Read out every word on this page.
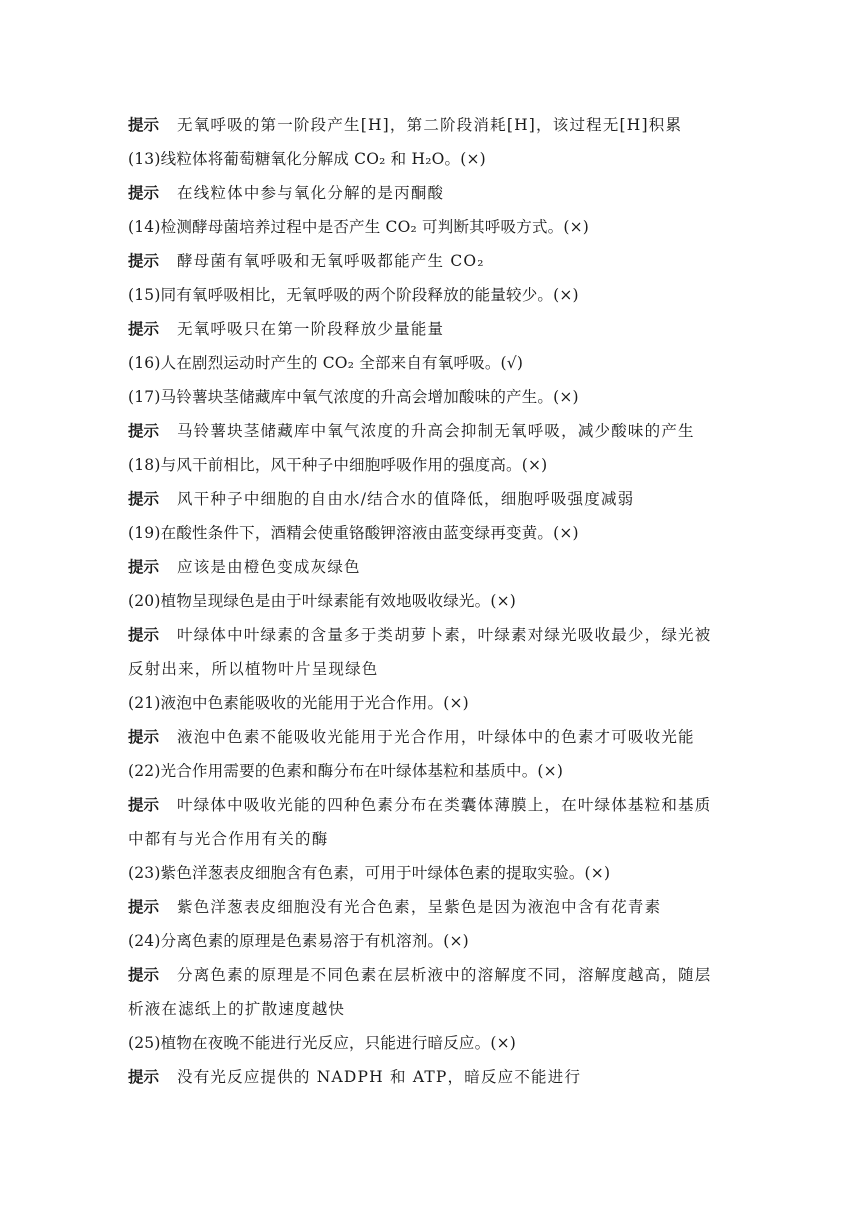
提示 无氧呼吸的第一阶段产生[H]，第二阶段消耗[H]，该过程无[H]积累
(13)线粒体将葡萄糖氧化分解成 CO₂ 和 H₂O。(×)
提示 在线粒体中参与氧化分解的是丙酮酸
(14)检测酵母菌培养过程中是否产生 CO₂ 可判断其呼吸方式。(×)
提示 酵母菌有氧呼吸和无氧呼吸都能产生 CO₂
(15)同有氧呼吸相比，无氧呼吸的两个阶段释放的能量较少。(×)
提示 无氧呼吸只在第一阶段释放少量能量
(16)人在剧烈运动时产生的 CO₂ 全部来自有氧呼吸。(√)
(17)马铃薯块茎储藏库中氧气浓度的升高会增加酸味的产生。(×)
提示 马铃薯块茎储藏库中氧气浓度的升高会抑制无氧呼吸，减少酸味的产生
(18)与风干前相比，风干种子中细胞呼吸作用的强度高。(×)
提示 风干种子中细胞的自由水/结合水的值降低，细胞呼吸强度减弱
(19)在酸性条件下，酒精会使重铬酸钾溶液由蓝变绿再变黄。(×)
提示 应该是由橙色变成灰绿色
(20)植物呈现绿色是由于叶绿素能有效地吸收绿光。(×)
提示 叶绿体中叶绿素的含量多于类胡萝卜素，叶绿素对绿光吸收最少，绿光被
反射出来，所以植物叶片呈现绿色
(21)液泡中色素能吸收的光能用于光合作用。(×)
提示 液泡中色素不能吸收光能用于光合作用，叶绿体中的色素才可吸收光能
(22)光合作用需要的色素和酶分布在叶绿体基粒和基质中。(×)
提示 叶绿体中吸收光能的四种色素分布在类囊体薄膜上，在叶绿体基粒和基质
中都有与光合作用有关的酶
(23)紫色洋葱表皮细胞含有色素，可用于叶绿体色素的提取实验。(×)
提示 紫色洋葱表皮细胞没有光合色素，呈紫色是因为液泡中含有花青素
(24)分离色素的原理是色素易溶于有机溶剂。(×)
提示 分离色素的原理是不同色素在层析液中的溶解度不同，溶解度越高，随层
析液在滤纸上的扩散速度越快
(25)植物在夜晚不能进行光反应，只能进行暗反应。(×)
提示 没有光反应提供的 NADPH 和 ATP，暗反应不能进行
